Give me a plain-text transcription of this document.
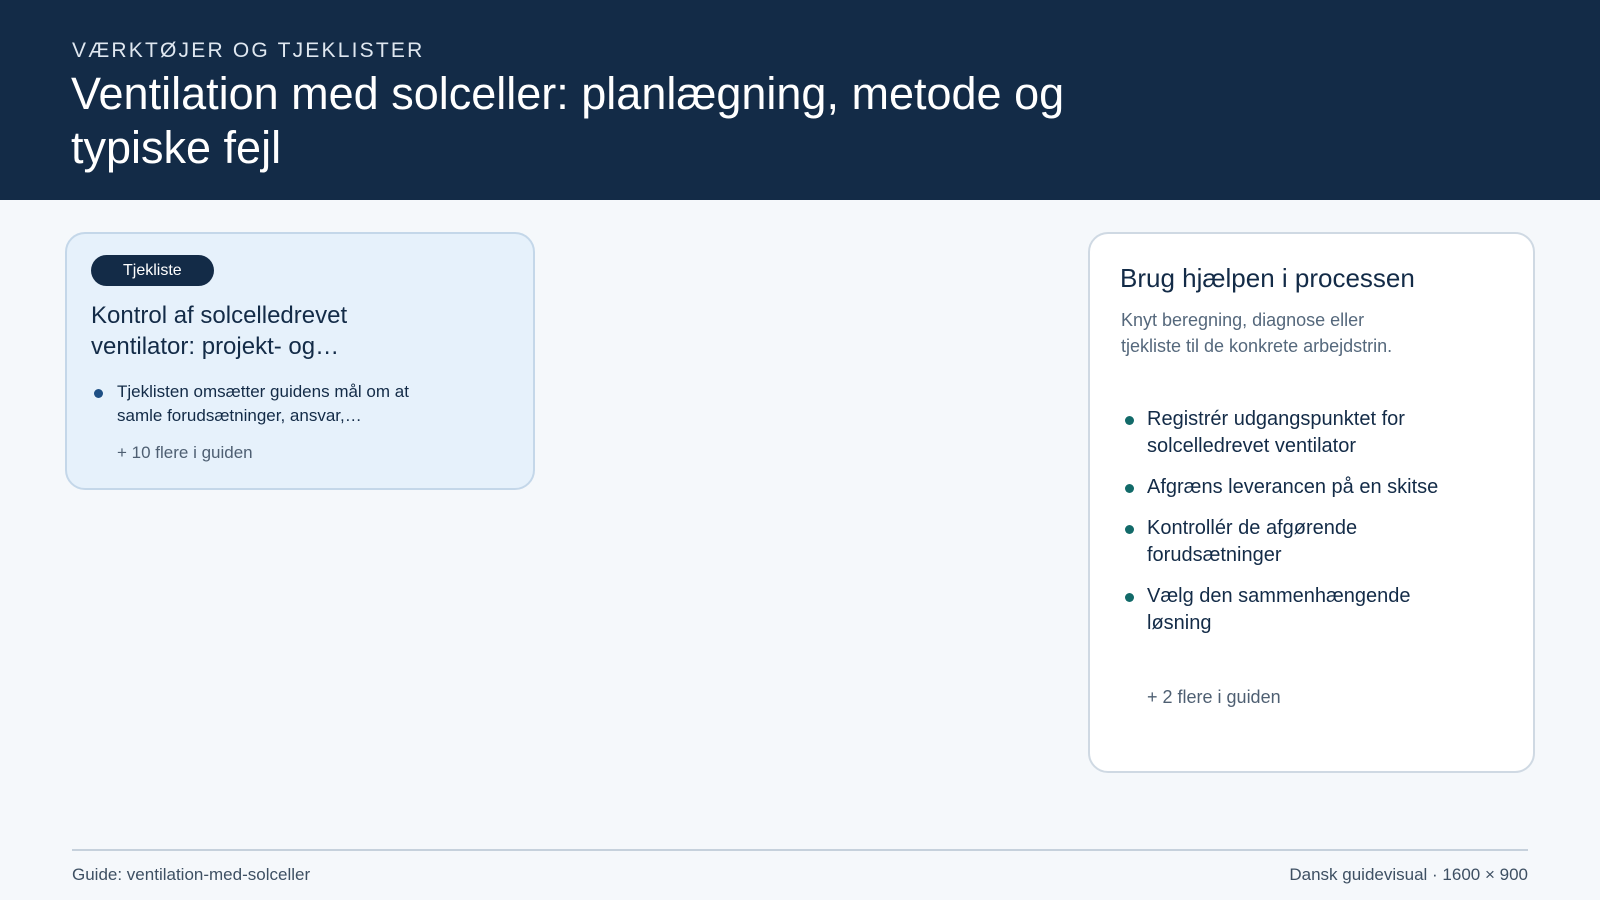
VÆRKTØJER OG TJEKLISTER
Ventilation med solceller: planlægning, metode og typiske fejl
Tjekliste
Kontrol af solcelledrevet ventilator: projekt- og…
Tjeklisten omsætter guidens mål om at samle forudsætninger, ansvar,…
+ 10 flere i guiden
Brug hjælpen i processen

Knyt beregning, diagnose eller tjekliste til de konkrete arbejdstrin.

Registrér udgangspunktet for solcelledrevet ventilator
Afgræns leverancen på en skitse
Kontrollér de afgørende forudsætninger
Vælg den sammenhængende løsning
+ 2 flere i guiden
Guide: ventilation-med-solceller	Dansk guidevisual · 1600 × 900
